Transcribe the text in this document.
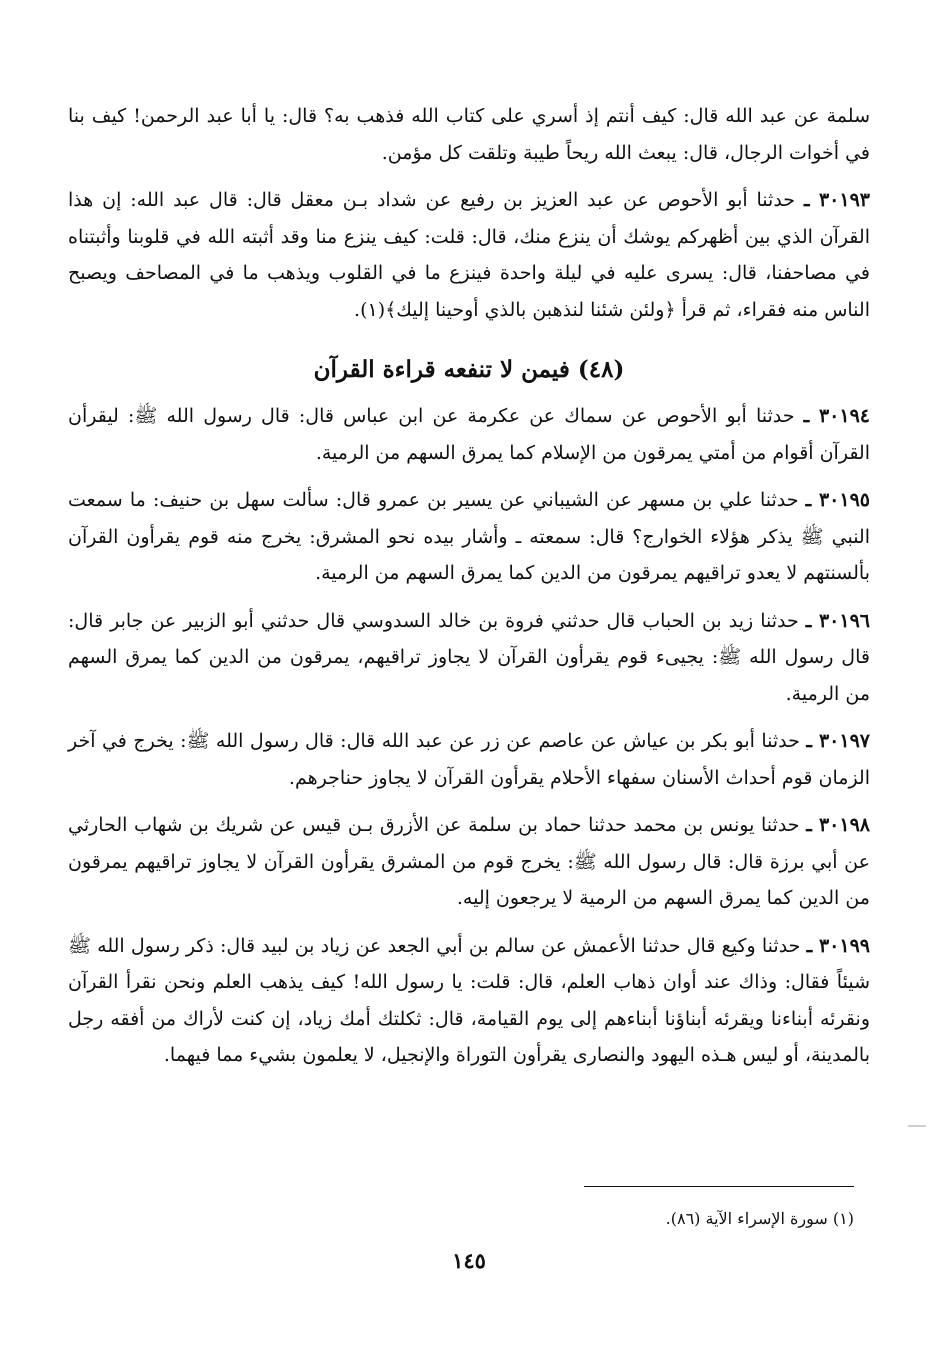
سلمة عن عبد الله قال: كيف أنتم إذ أسري على كتاب الله فذهب به؟ قال: يا أبا عبد الرحمن! كيف بنا في أخوات الرجال، قال: يبعث الله ريحاً طيبة وتلقت كل مؤمن.

٣٠١٩٣ ـ حدثنا أبو الأحوص عن عبد العزيز بن رفيع عن شداد بـن معقل قال: قال عبد الله: إن هذا القرآن الذي بين أظهركم يوشك أن ينزع منك، قال: قلت: كيف ينزع منا وقد أثبته الله في قلوبنا وأثبتناه في مصاحفنا، قال: يسرى عليه في ليلة واحدة فينزع ما في القلوب ويذهب ما في المصاحف ويصبح الناس منه فقراء، ثم قرأ ﴿ولئن شئنا لنذهبن بالذي أوحينا إليك﴾(١).

(٤٨) فيمن لا تنفعه قراءة القرآن

٣٠١٩٤ ـ حدثنا أبو الأحوص عن سماك عن عكرمة عن ابن عباس قال: قال رسول الله ﷺ: ليقرأن القرآن أقوام من أمتي يمرقون من الإسلام كما يمرق السهم من الرمية.

٣٠١٩٥ ـ حدثنا علي بن مسهر عن الشيباني عن يسير بن عمرو قال: سألت سهل بن حنيف: ما سمعت النبي ﷺ يذكر هؤلاء الخوارج؟ قال: سمعته ـ وأشار بيده نحو المشرق: يخرج منه قوم يقرأون القرآن بألسنتهم لا يعدو تراقيهم يمرقون من الدين كما يمرق السهم من الرمية.

٣٠١٩٦ ـ حدثنا زيد بن الحباب قال حدثني فروة بن خالد السدوسي قال حدثني أبو الزبير عن جابر قال: قال رسول الله ﷺ: يجيىء قوم يقرأون القرآن لا يجاوز تراقيهم، يمرقون من الدين كما يمرق السهم من الرمية.

٣٠١٩٧ ـ حدثنا أبو بكر بن عياش عن عاصم عن زر عن عبد الله قال: قال رسول الله ﷺ: يخرج في آخر الزمان قوم أحداث الأسنان سفهاء الأحلام يقرأون القرآن لا يجاوز حناجرهم.

٣٠١٩٨ ـ حدثنا يونس بن محمد حدثنا حماد بن سلمة عن الأزرق بـن قيس عن شريك بن شهاب الحارثي عن أبي برزة قال: قال رسول الله ﷺ: يخرج قوم من المشرق يقرأون القرآن لا يجاوز تراقيهم يمرقون من الدين كما يمرق السهم من الرمية لا يرجعون إليه.

٣٠١٩٩ ـ حدثنا وكيع قال حدثنا الأعمش عن سالم بن أبي الجعد عن زياد بن لبيد قال: ذكر رسول الله ﷺ شيئاً فقال: وذاك عند أوان ذهاب العلم، قال: قلت: يا رسول الله! كيف يذهب العلم ونحن نقرأ القرآن ونقرئه أبناءنا ويقرئه أبناؤنا أبناءهم إلى يوم القيامة، قال: ثكلتك أمك زياد، إن كنت لأراك من أفقه رجل بالمدينة، أو ليس هـذه اليهود والنصارى يقرأون التوراة والإنجيل، لا يعلمون بشيء مما فيهما.

(١) سورة الإسراء الآية (٨٦).
١٤٥
